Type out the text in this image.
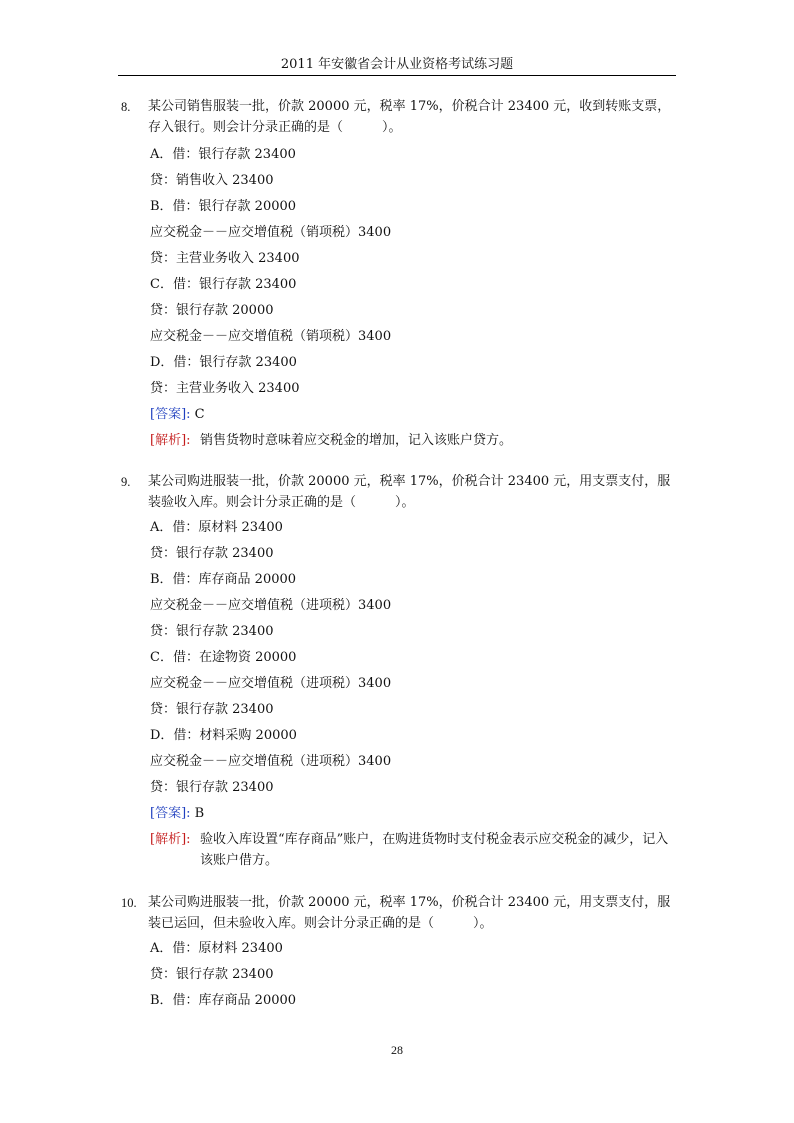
2011 年安徽省会计从业资格考试练习题
8. 某公司销售服装一批，价款 20000 元，税率 17%，价税合计 23400 元，收到转账支票，存入银行。则会计分录正确的是（　　　）。
A．借：银行存款 23400
贷：销售收入 23400
B．借：银行存款 20000
应交税金－－应交增值税（销项税）3400
贷：主营业务收入 23400
C．借：银行存款 23400
贷：银行存款 20000
应交税金－－应交增值税（销项税）3400
D．借：银行存款 23400
贷：主营业务收入 23400
[答案]: C
[解析]: 销售货物时意味着应交税金的增加，记入该账户贷方。
9. 某公司购进服装一批，价款 20000 元，税率 17%，价税合计 23400 元，用支票支付，服装验收入库。则会计分录正确的是（　　　）。
A．借：原材料 23400
贷：银行存款 23400
B．借：库存商品 20000
应交税金－－应交增值税（进项税）3400
贷：银行存款 23400
C．借：在途物资 20000
应交税金－－应交增值税（进项税）3400
贷：银行存款 23400
D．借：材料采购 20000
应交税金－－应交增值税（进项税）3400
贷：银行存款 23400
[答案]: B
[解析]: 验收入库设置“库存商品”账户，在购进货物时支付税金表示应交税金的减少，记入该账户借方。
10. 某公司购进服装一批，价款 20000 元，税率 17%，价税合计 23400 元，用支票支付，服装已运回，但未验收入库。则会计分录正确的是（　　　）。
A．借：原材料 23400
贷：银行存款 23400
B．借：库存商品 20000
28
